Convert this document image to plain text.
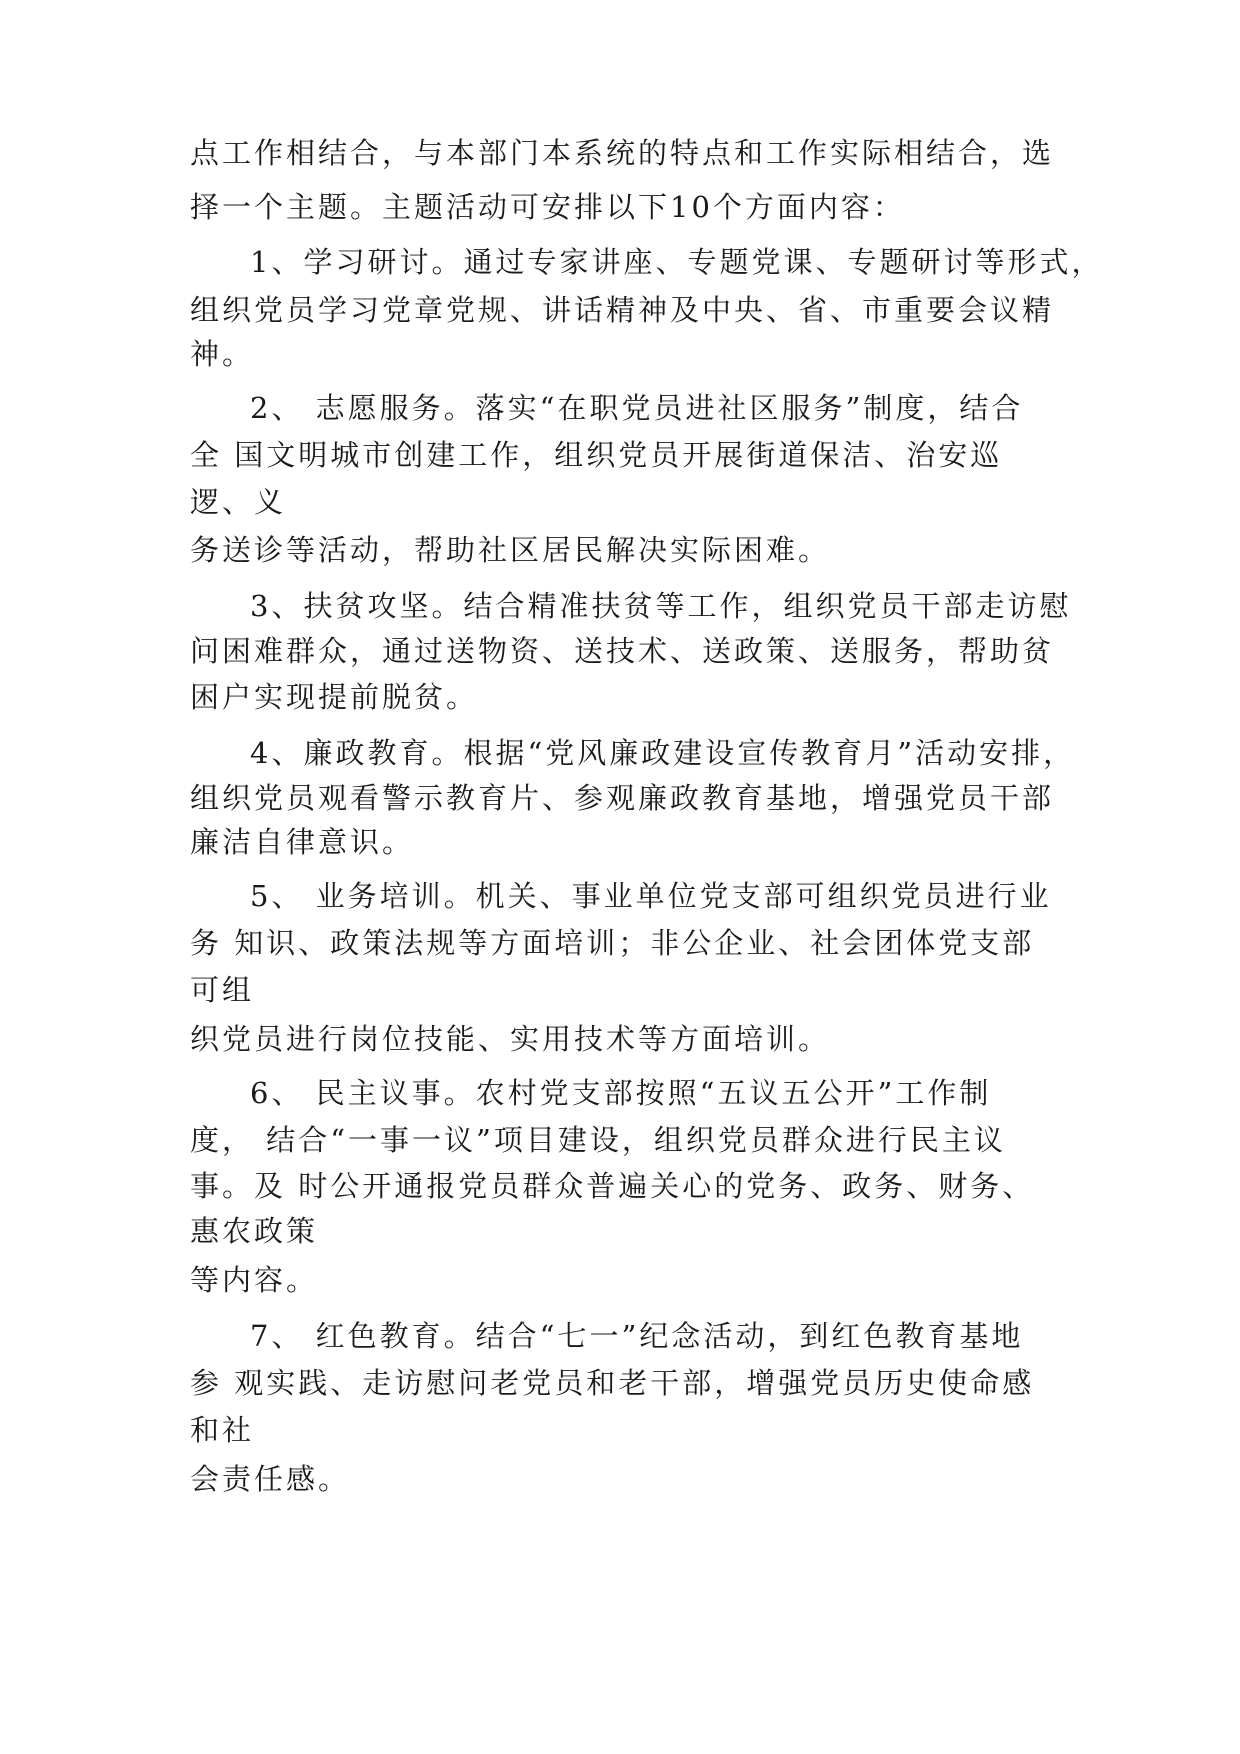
点工作相结合，与本部门本系统的特点和工作实际相结合，选
择一个主题。主题活动可安排以下10个方面内容：
1、学习研讨。通过专家讲座、专题党课、专题研讨等形式，
组织党员学习党章党规、讲话精神及中央、省、市重要会议精
神。
2、 志愿服务。落实“在职党员进社区服务”制度，结合
全 国文明城市创建工作，组织党员开展街道保洁、治安巡
逻、义
务送诊等活动，帮助社区居民解决实际困难。
3、扶贫攻坚。结合精准扶贫等工作，组织党员干部走访慰
问困难群众，通过送物资、送技术、送政策、送服务，帮助贫
困户实现提前脱贫。
4、廉政教育。根据“党风廉政建设宣传教育月”活动安排，
组织党员观看警示教育片、参观廉政教育基地，增强党员干部
廉洁自律意识。
5、 业务培训。机关、事业单位党支部可组织党员进行业
务 知识、政策法规等方面培训；非公企业、社会团体党支部
可组
织党员进行岗位技能、实用技术等方面培训。
6、 民主议事。农村党支部按照“五议五公开”工作制
度， 结合“一事一议”项目建设，组织党员群众进行民主议
事。及 时公开通报党员群众普遍关心的党务、政务、财务、
惠农政策
等内容。
7、 红色教育。结合“七一”纪念活动，到红色教育基地
参 观实践、走访慰问老党员和老干部，增强党员历史使命感
和社
会责任感。
